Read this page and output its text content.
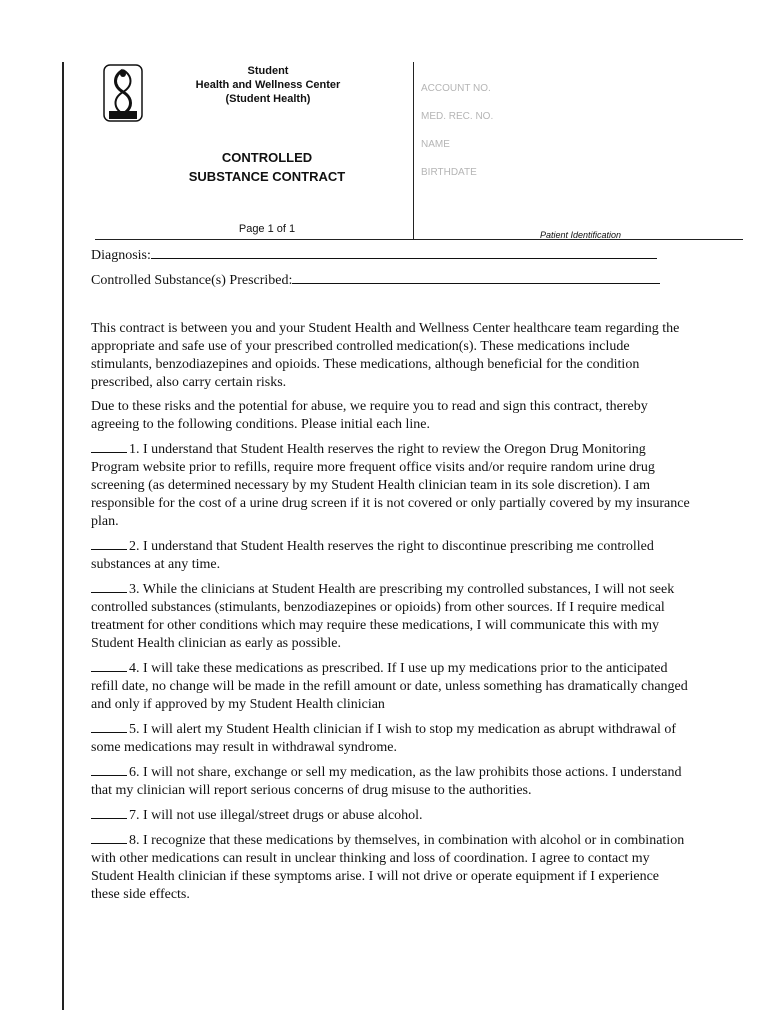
Student
Health and Wellness Center
(Student Health)
CONTROLLED
SUBSTANCE CONTRACT
Page 1 of 1
ACCOUNT NO.
MED. REC. NO.
NAME
BIRTHDATE
Patient Identification
Diagnosis:
Controlled Substance(s) Prescribed:

This contract is between you and your Student Health and Wellness Center healthcare team regarding the appropriate and safe use of your prescribed controlled medication(s). These medications include stimulants, benzodiazepines and opioids. These medications, although beneficial for the condition prescribed, also carry certain risks.

Due to these risks and the potential for abuse, we require you to read and sign this contract, thereby agreeing to the following conditions. Please initial each line.

1. I understand that Student Health reserves the right to review the Oregon Drug Monitoring Program website prior to refills, require more frequent office visits and/or require random urine drug screening (as determined necessary by my Student Health clinician team in its sole discretion). I am responsible for the cost of a urine drug screen if it is not covered or only partially covered by my insurance plan.

2. I understand that Student Health reserves the right to discontinue prescribing me controlled substances at any time.

3. While the clinicians at Student Health are prescribing my controlled substances, I will not seek controlled substances (stimulants, benzodiazepines or opioids) from other sources. If I require medical treatment for other conditions which may require these medications, I will communicate this with my Student Health clinician as early as possible.

4. I will take these medications as prescribed. If I use up my medications prior to the anticipated refill date, no change will be made in the refill amount or date, unless something has dramatically changed and only if approved by my Student Health clinician

5. I will alert my Student Health clinician if I wish to stop my medication as abrupt withdrawal of some medications may result in withdrawal syndrome.

6. I will not share, exchange or sell my medication, as the law prohibits those actions. I understand that my clinician will report serious concerns of drug misuse to the authorities.

7. I will not use illegal/street drugs or abuse alcohol.

8. I recognize that these medications by themselves, in combination with alcohol or in combination with other medications can result in unclear thinking and loss of coordination. I agree to contact my Student Health clinician if these symptoms arise. I will not drive or operate equipment if I experience these side effects.
